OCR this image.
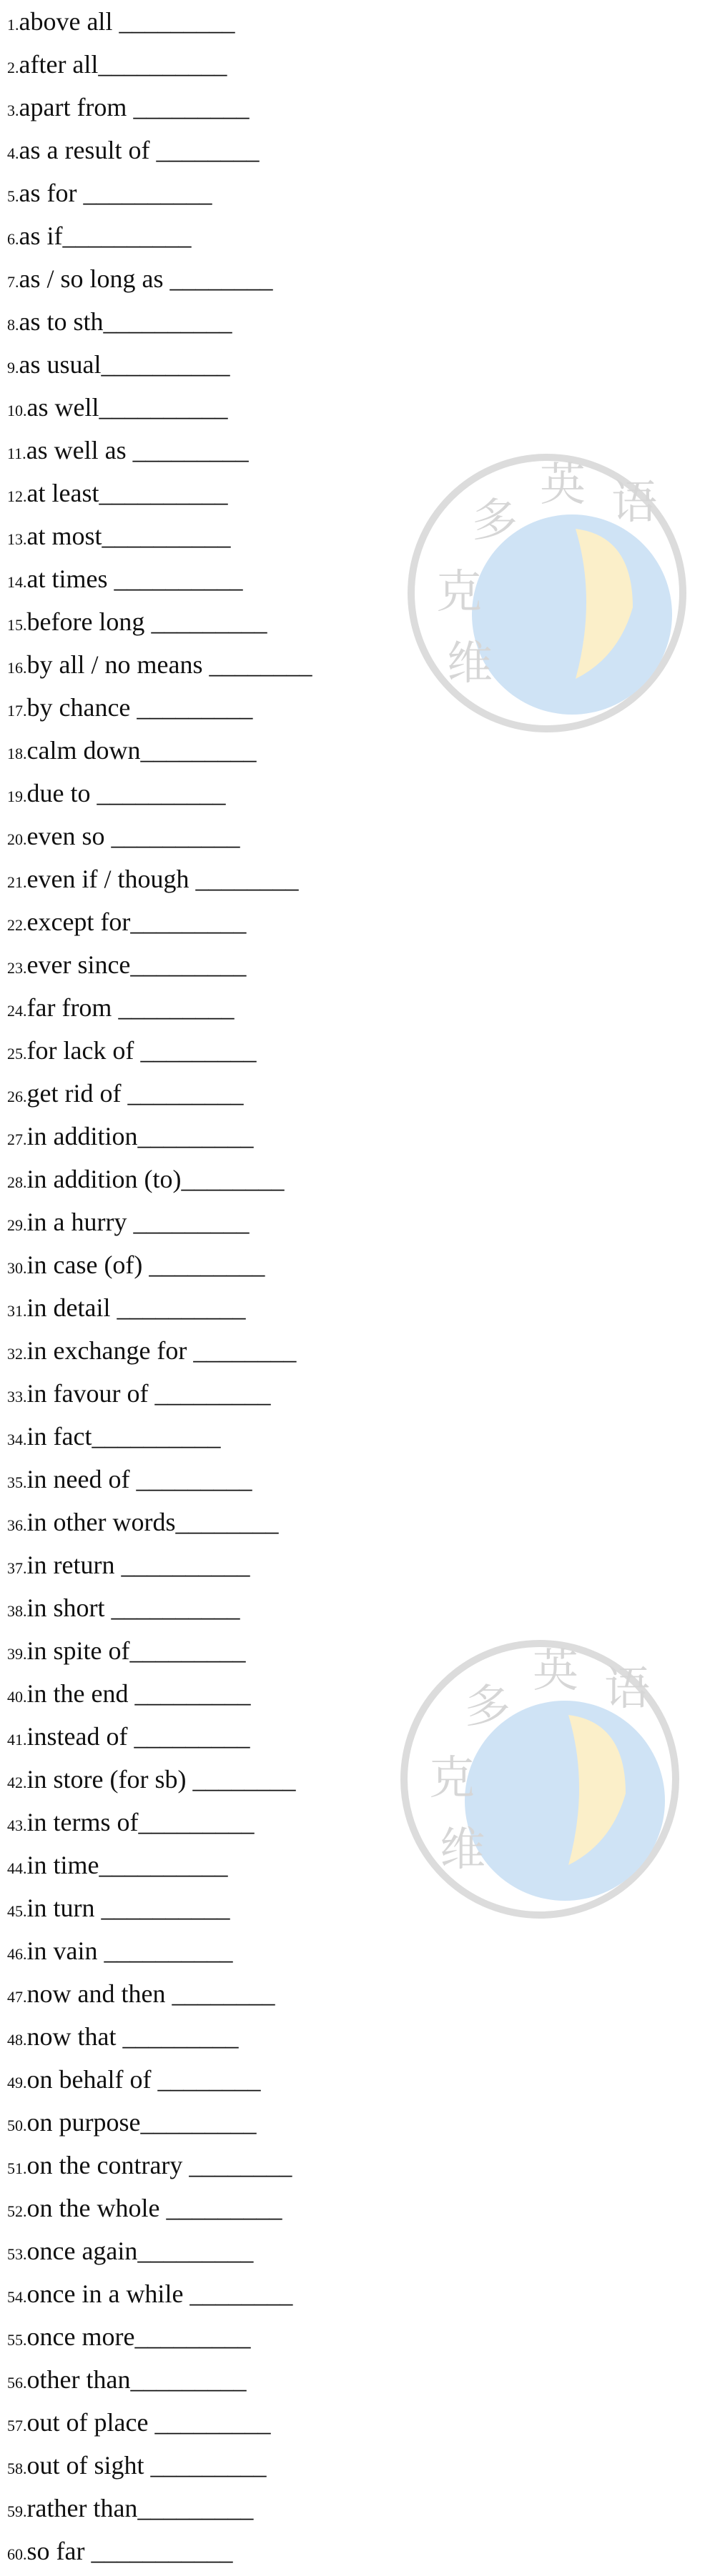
维
克
多
英 语
维
克
多
英 语
1.above all _________
2.after all__________
3.apart from _________
4.as a result of ________
5.as for __________
6.as if__________
7.as / so long as ________
8.as to sth__________
9.as usual__________
10.as well__________
11.as well as _________
12.at least__________
13.at most__________
14.at times __________
15.before long _________
16.by all / no means ________
17.by chance _________
18.calm down_________
19.due to __________
20.even so __________
21.even if / though ________
22.except for_________
23.ever since_________
24.far from _________
25.for lack of _________
26.get rid of _________
27.in addition_________
28.in addition (to)________
29.in a hurry _________
30.in case (of) _________
31.in detail __________
32.in exchange for ________
33.in favour of _________
34.in fact__________
35.in need of _________
36.in other words________
37.in return __________
38.in short __________
39.in spite of_________
40.in the end _________
41.instead of _________
42.in store (for sb) ________
43.in terms of_________
44.in time__________
45.in turn __________
46.in vain __________
47.now and then ________
48.now that _________
49.on behalf of ________
50.on purpose_________
51.on the contrary ________
52.on the whole _________
53.once again_________
54.once in a while ________
55.once more_________
56.other than_________
57.out of place _________
58.out of sight _________
59.rather than_________
60.so far ___________
